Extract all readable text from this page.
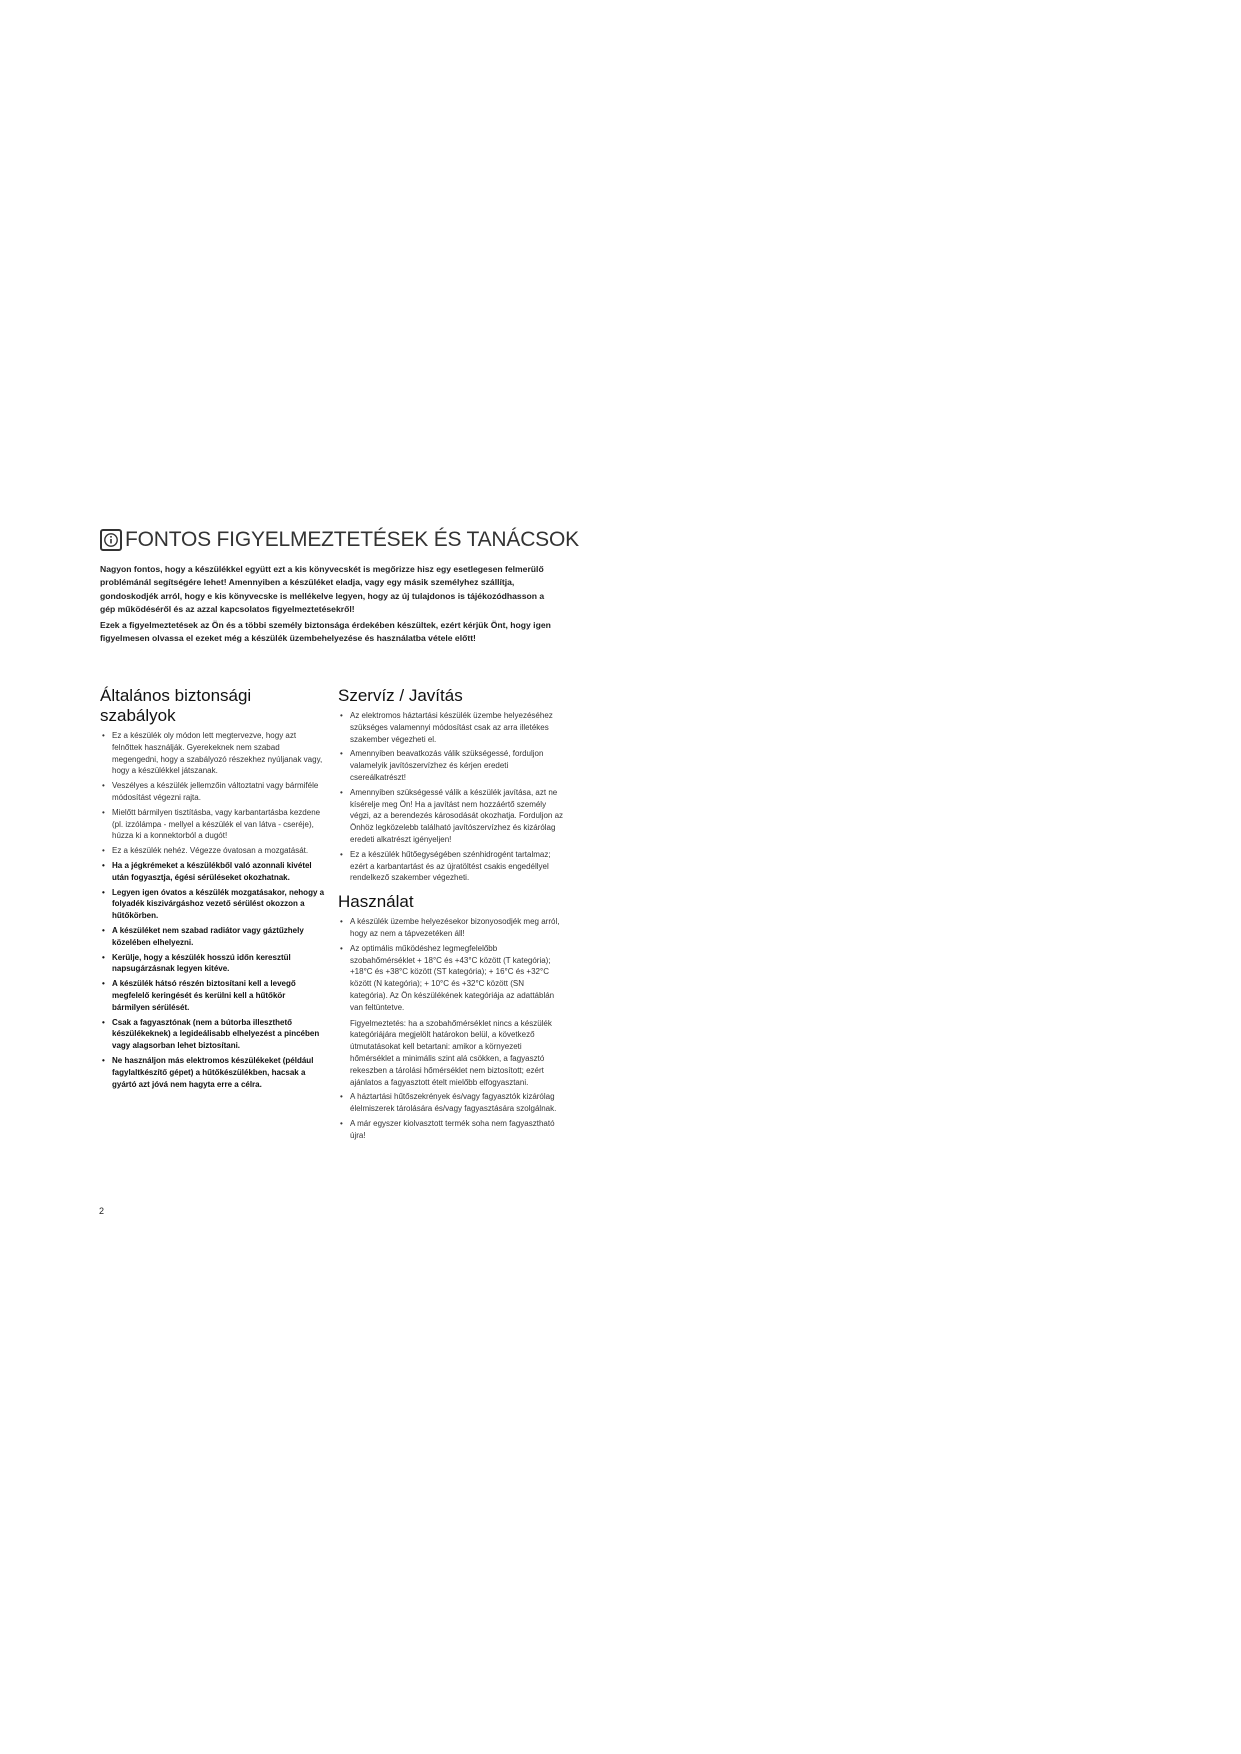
FONTOS FIGYELMEZTETÉSEK ÉS TANÁCSOK

Nagyon fontos, hogy a készülékkel együtt ezt a kis könyvecskét is megőrizze hisz egy esetlegesen felmerülő problémánál segítségére lehet! Amennyiben a készüléket eladja, vagy egy másik személyhez szállítja, gondoskodjék arról, hogy e kis könyvecske is mellékelve legyen, hogy az új tulajdonos is tájékozódhasson a gép működéséről és az azzal kapcsolatos figyelmeztetésekről!

Ezek a figyelmeztetések az Ön és a többi személy biztonsága érdekében készültek, ezért kérjük Önt, hogy igen figyelmesen olvassa el ezeket még a készülék üzembehelyezése és használatba vétele előtt!

Általános biztonsági szabályok
• Ez a készülék oly módon lett megtervezve, hogy azt felnőttek használják. Gyerekeknek nem szabad megengedni, hogy a szabályozó részekhez nyúljanak vagy, hogy a készülékkel játszanak.
• Veszélyes a készülék jellemzőin változtatni vagy bármiféle módosítást végezni rajta.
• Mielőtt bármilyen tisztításba, vagy karbantartásba kezdene (pl. izzólámpa - mellyel a készülék el van látva - cseréje), húzza ki a konnektorból a dugót!
• Ez a készülék nehéz. Végezze óvatosan a mozgatását.
• Ha a jégkrémeket a készülékből való azonnali kivétel után fogyasztja, égési sérüléseket okozhatnak.
• Legyen igen óvatos a készülék mozgatásakor, nehogy a folyadék kiszivárgáshoz vezető sérülést okozzon a hűtőkörben.
• A készüléket nem szabad radiátor vagy gáztűzhely közelében elhelyezni.
• Kerülje, hogy a készülék hosszú időn keresztül napsugárzásnak legyen kitéve.
• A készülék hátsó részén biztosítani kell a levegő megfelelő keringését és kerülni kell a hűtőkör bármilyen sérülését.
• Csak a fagyasztónak (nem a bútorba illeszthető készülékeknek) a legideálisabb elhelyezést a pincében vagy alagsorban lehet biztosítani.
• Ne használjon más elektromos készülékeket (például fagylaltkészítő gépet) a hűtőkészülékben, hacsak a gyártó azt jóvá nem hagyta erre a célra.
Szervíz / Javítás
• Az elektromos háztartási készülék üzembe helyezéséhez szükséges valamennyi módosítást csak az arra illetékes szakember végezheti el.
• Amennyiben beavatkozás válik szükségessé, forduljon valamelyik javítószervízhez és kérjen eredeti csereálkatrészt!
• Amennyiben szükségessé válik a készülék javítása, azt ne kísérelje meg Ön! Ha a javítást nem hozzáértő személy végzi, az a berendezés károsodását okozhatja. Forduljon az Önhöz legközelebb található javítószervízhez és kizárólag eredeti alkatrészt igényeljen!
• Ez a készülék hűtőegységében szénhidrogént tartalmaz; ezért a karbantartást és az újratöltést csakis engedéllyel rendelkező szakember végezheti.
Használat
• A készülék üzembe helyezésekor bizonyosodjék meg arról, hogy az nem a tápvezetéken áll!

• Az optimális működéshez legmegfelelőbb szobahőmérséklet + 18°C és +43°C között (T kategória); +18°C és +38°C között (ST kategória); + 16°C és +32°C között (N kategória); + 10°C és +32°C között (SN kategória). Az Ön készülékének kategóriája az adattáblán van feltüntetve.

Figyelmeztetés: ha a szobahőmérséklet nincs a készülék kategóriájára megjelölt határokon belül, a következő útmutatásokat kell betartani: amikor a környezeti hőmérséklet a minimális szint alá csökken, a fagyasztó rekeszben a tárolási hőmérséklet nem biztosított; ezért ajánlatos a fagyasztott ételt mielőbb elfogyasztani.

• A háztartási hűtőszekrények és/vagy fagyasztók kizárólag élelmiszerek tárolására és/vagy fagyasztására szolgálnak.
• A már egyszer kiolvasztott termék soha nem fagyasztható újra!
2
